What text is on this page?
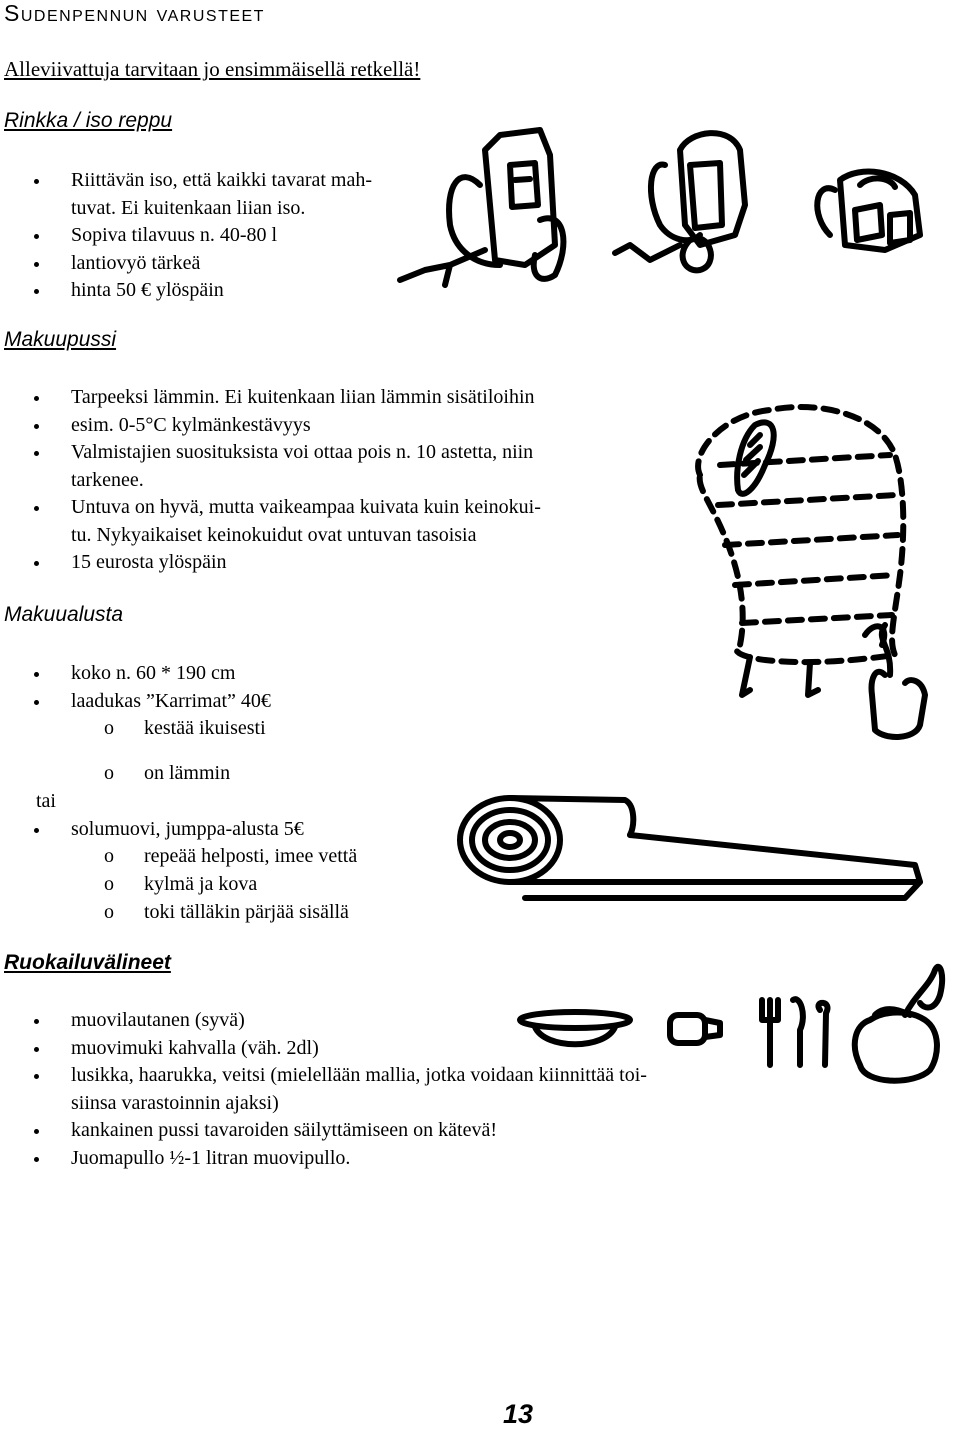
Sudenpennun varusteet
Alleviivattuja tarvitaan jo ensimmäisellä retkellä!
Rinkka / iso reppu
Riittävän iso, että kaikki tavarat mah-
tuvat. Ei kuitenkaan liian iso.
Sopiva tilavuus n. 40-80 l
lantiovyö tärkeä
hinta 50 € ylöspäin
Makuupussi
Tarpeeksi lämmin. Ei kuitenkaan liian lämmin sisätiloihin
esim. 0-5°C kylmänkestävyys
Valmistajien suosituksista voi ottaa pois n. 10 astetta, niin
tarkenee.
Untuva on hyvä, mutta vaikeampaa kuivata kuin keinokui-
tu. Nykyaikaiset keinokuidut ovat untuvan tasoisia
15 eurosta ylöspäin
Makuualusta
koko n. 60 * 190 cm
laadukas ”Karrimat” 40€
o kestää ikuisesti
o on lämmin
tai
solumuovi, jumppa-alusta 5€
o repeää helposti, imee vettä
o kylmä ja kova
o toki tälläkin pärjää sisällä
Ruokailuvälineet
muovilautanen (syvä)
muovimuki kahvalla (väh. 2dl)
lusikka, haarukka, veitsi (mielellään mallia, jotka voidaan kiinnittää toi-
siinsa varastoinnin ajaksi)
kankainen pussi tavaroiden säilyttämiseen on kätevä!
Juomapullo ½-1 litran muovipullo.
13
